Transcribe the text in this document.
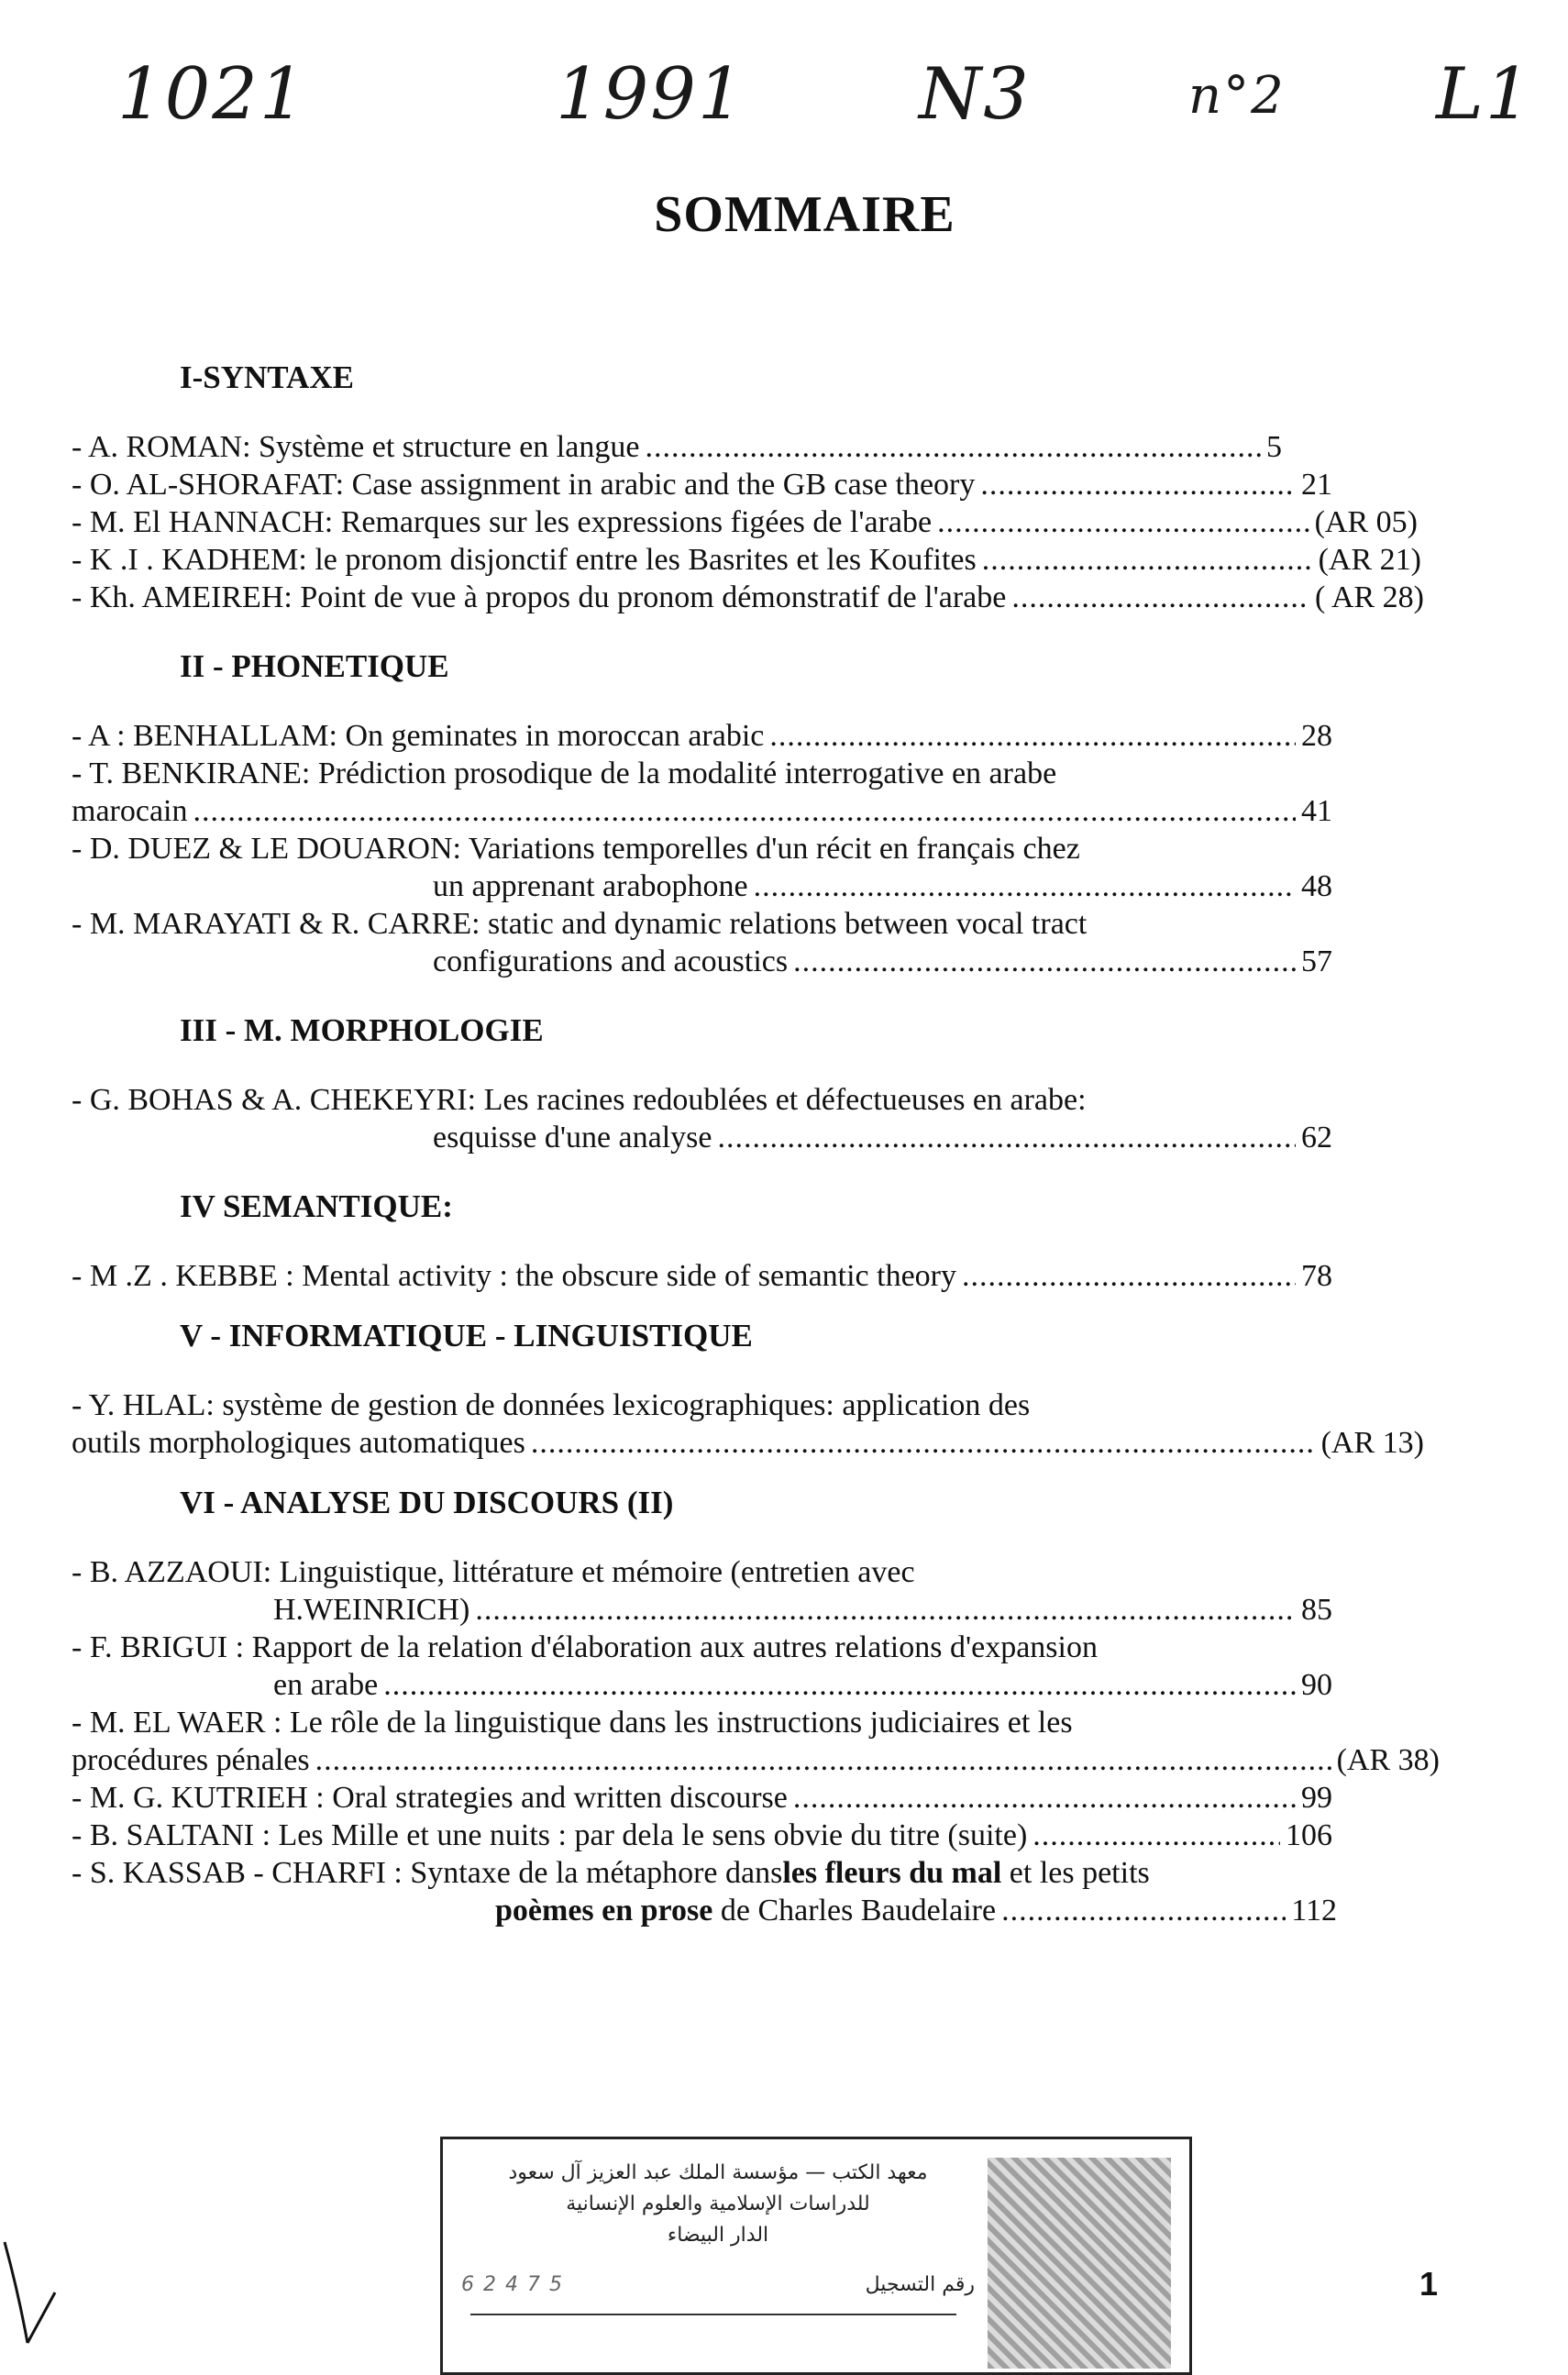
1021	1991 N3	n°2 L1
SOMMAIRE
I-SYNTAXE
- A. ROMAN: Système et structure en langue .....	5
- O. AL-SHORAFAT: Case assignment in arabic and the GB case theory .....	21
- M. El HANNACH: Remarques sur les expressions figées de l'arabe .....	(AR 05)
- K .I . KADHEM: le pronom disjonctif entre les Basrites et les Koufites .....	(AR 21)
- Kh. AMEIREH: Point de vue à propos du pronom démonstratif de l'arabe .....	( AR 28)
II - PHONETIQUE
- A : BENHALLAM: On geminates in moroccan arabic .....	28
- T. BENKIRANE: Prédiction prosodique de la modalité interrogative en arabe
marocain .....	41
- D. DUEZ & LE DOUARON: Variations temporelles d'un récit en français chez
un apprenant arabophone .....	48
- M. MARAYATI & R. CARRE: static and dynamic relations between vocal tract
configurations and acoustics .....	57
III - M. MORPHOLOGIE
- G. BOHAS & A. CHEKEYRI: Les racines redoublées et défectueuses en arabe:
esquisse d'une analyse .....	62
IV SEMANTIQUE:
- M .Z . KEBBE : Mental activity : the obscure side of semantic theory .....	78
V - INFORMATIQUE - LINGUISTIQUE
- Y. HLAL: système de gestion de données lexicographiques: application des
outils morphologiques automatiques .....	(AR 13)
VI - ANALYSE DU DISCOURS (II)
- B. AZZAOUI: Linguistique, littérature et mémoire (entretien avec
H.WEINRICH) .....	85
- F. BRIGUI : Rapport de la relation d'élaboration aux autres relations d'expansion
en arabe .....	90
- M. EL WAER : Le rôle de la linguistique dans les instructions judiciaires et les
procédures pénales .....	(AR 38)
- M. G. KUTRIEH : Oral strategies and written discourse .....	99
- B. SALTANI : Les Mille et une nuits : par dela le sens obvie du titre (suite) .....	106
- S. KASSAB - CHARFI : Syntaxe de la métaphore dans les fleurs du mal et les petits
poèmes en prose de Charles Baudelaire .....	112
معهد الكتب — مؤسسة الملك عبد العزيز آل سعود
للدراسات الإسلامية والعلوم الإنسانية
الدار البيضاء
رقم التسجيل
62475	1
